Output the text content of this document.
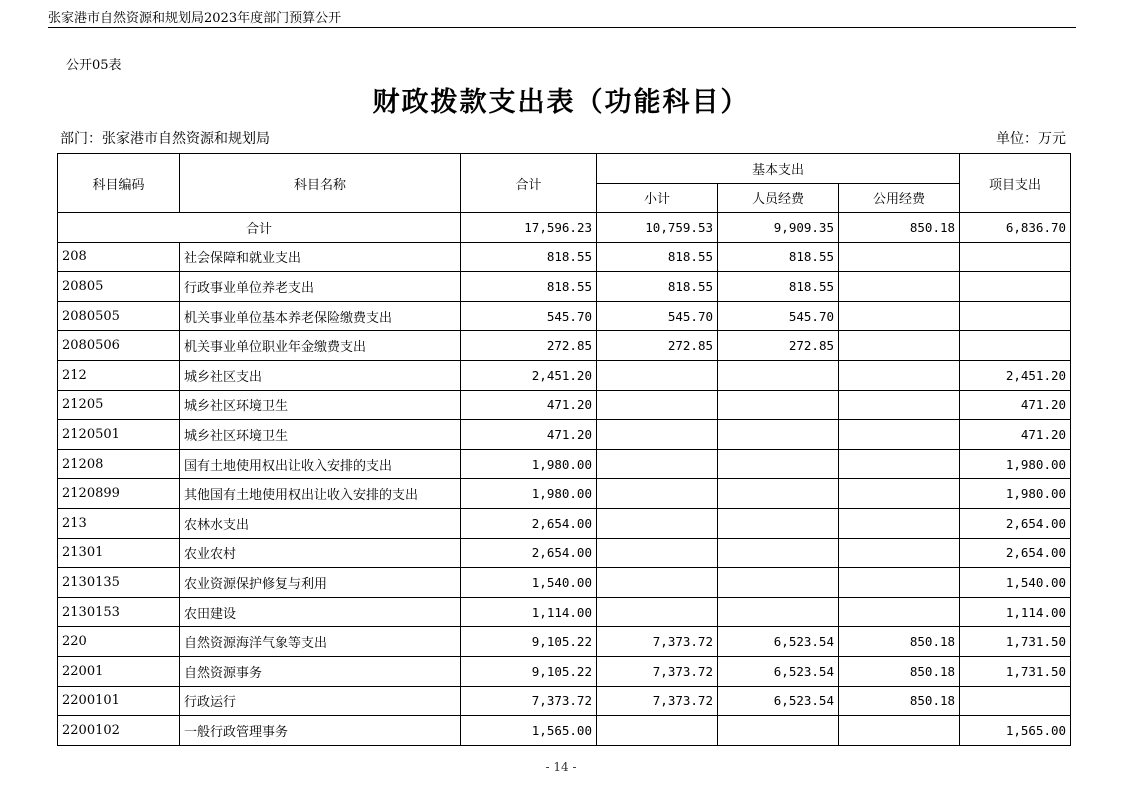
张家港市自然资源和规划局2023年度部门预算公开
公开05表
财政拨款支出表（功能科目）
部门：张家港市自然资源和规划局	单位：万元
科目编码	科目名称	合计	基本支出			项目支出
			小计	人员经费	公用经费	
合计		17,596.23	10,759.53	9,909.35	850.18	6,836.70
208	社会保障和就业支出	818.55	818.55	818.55		
20805	行政事业单位养老支出	818.55	818.55	818.55		
2080505	机关事业单位基本养老保险缴费支出	545.70	545.70	545.70		
2080506	机关事业单位职业年金缴费支出	272.85	272.85	272.85		
212	城乡社区支出	2,451.20				2,451.20
21205	城乡社区环境卫生	471.20				471.20
2120501	城乡社区环境卫生	471.20				471.20
21208	国有土地使用权出让收入安排的支出	1,980.00				1,980.00
2120899	其他国有土地使用权出让收入安排的支出	1,980.00				1,980.00
213	农林水支出	2,654.00				2,654.00
21301	农业农村	2,654.00				2,654.00
2130135	农业资源保护修复与利用	1,540.00				1,540.00
2130153	农田建设	1,114.00				1,114.00
220	自然资源海洋气象等支出	9,105.22	7,373.72	6,523.54	850.18	1,731.50
22001	自然资源事务	9,105.22	7,373.72	6,523.54	850.18	1,731.50
2200101	行政运行	7,373.72	7,373.72	6,523.54	850.18	
2200102	一般行政管理事务	1,565.00				1,565.00
- 14 -
